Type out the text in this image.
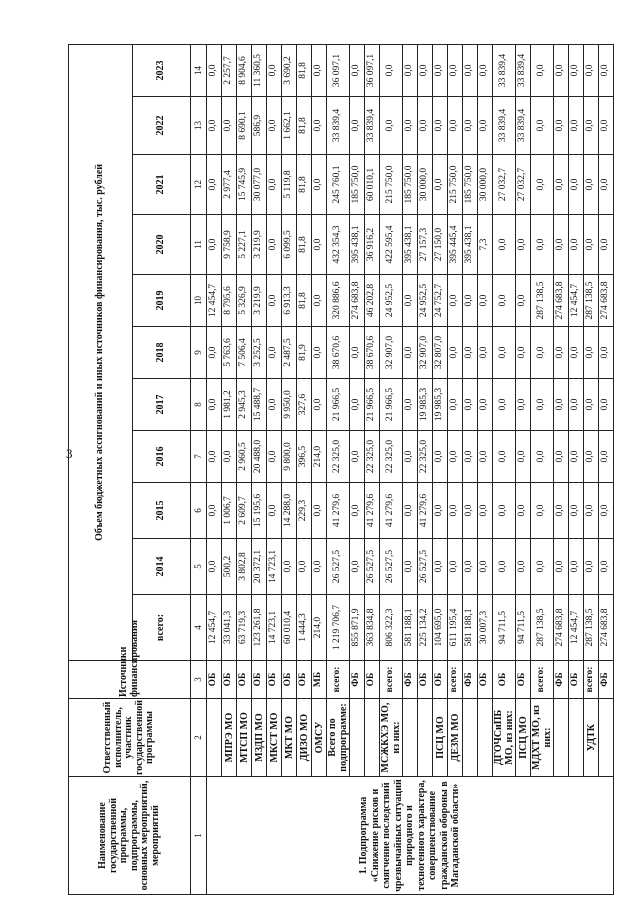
3
Наименование государственной программы, подпрограммы, основных мероприятий, мероприятий	Ответственный исполнитель, участник государственной программы	Источники финансирования	Объем бюджетных ассигнований и иных источников финансирования, тыс. рублей										
			всего:	2014	2015	2016	2017	2018	2019	2020	2021	2022	2023
1	2	3	4	5	6	7	8	9	10	11	12	13	14
1. Подпрограмма «Снижение рисков и смягчение последствий чрезвычайных ситуаций природного и техногенного характера, совершенствование гражданской обороны в Магаданской области»		ОБ	12 454,7	0,0	0,0	0,0	0,0	0,0	12 454,7	0,0	0,0	0,0	0,0
	МПРЭ МО	ОБ	33 041,3	500,2	1 006,7	0,0	1 981,2	5 763,6	8 795,6	9 758,9	2 977,4	0,0	2 257,7
	МТСП МО	ОБ	63 719,3	3 802,8	2 609,7	2 960,5	2 945,3	7 506,4	5 326,9	5 227,1	15 745,9	8 690,1	8 904,6
	МЗДП МО	ОБ	123 261,8	20 372,1	15 195,6	20 488,0	15 488,7	3 252,5	3 219,9	3 219,9	30 077,0	586,9	11 360,5
	МКСТ МО	ОБ	14 723,1	14 723,1	0,0	0,0	0,0	0,0	0,0	0,0	0,0	0,0	0,0
	МКТ МО	ОБ	60 010,4	0,0	14 288,0	9 800,0	9 950,0	2 487,5	6 913,3	6 099,5	5 119,8	1 662,1	3 690,2
	ДИЗО МО	ОБ	1 444,3	0,0	229,3	396,5	327,6	81,9	81,8	81,8	81,8	81,8	81,8
	ОМСУ	МБ	214,0	0,0	0,0	214,0	0,0	0,0	0,0	0,0	0,0	0,0	0,0
	Всего по подпрограмме:	всего:	1 219 706,7	26 527,5	41 279,6	22 325,0	21 966,5	38 670,6	320 886,6	432 354,3	245 760,1	33 839,4	36 097,1
		ФБ	855 871,9	0,0	0,0	0,0	0,0	0,0	274 683,8	395 438,1	185 750,0	0,0	0,0
		ОБ	363 834,8	26 527,5	41 279,6	22 325,0	21 966,5	38 670,6	46 202,8	36 916,2	60 010,1	33 839,4	36 097,1
	МСЖКХЭ МО, из них:	всего:	806 322,3	26 527,5	41 279,6	22 325,0	21 966,5	32 907,0	24 952,5	422 595,4	215 750,0	0,0	0,0
		ФБ	581 188,1	0,0	0,0	0,0	0,0	0,0	0,0	395 438,1	185 750,0	0,0	0,0
		ОБ	225 134,2	26 527,5	41 279,6	22 325,0	19 985,3	32 907,0	24 952,5	27 157,3	30 000,0	0,0	0,0
	ПСЦ МО	ОБ	104 695,0	0,0	0,0	0,0	19 985,3	32 807,0	24 752,7	27 150,0	0,0	0,0	0,0
	ДЕЗМ МО	всего:	611 195,4	0,0	0,0	0,0	0,0	0,0	0,0	395 445,4	215 750,0	0,0	0,0
		ФБ	581 188,1	0,0	0,0	0,0	0,0	0,0	0,0	395 438,1	185 750,0	0,0	0,0
		ОБ	30 007,3	0,0	0,0	0,0	0,0	0,0	0,0	7,3	30 000,0	0,0	0,0
	ДГОЧСиПБ МО, из них:	ОБ	94 711,5	0,0	0,0	0,0	0,0	0,0	0,0	0,0	27 032,7	33 839,4	33 839,4
	ПСЦ МО	ОБ	94 711,5	0,0	0,0	0,0	0,0	0,0	0,0	0,0	27 032,7	33 839,4	33 839,4
	МДХТ МО, из них:	всего:	287 138,5	0,0	0,0	0,0	0,0	0,0	287 138,5	0,0	0,0	0,0	0,0
		ФБ	274 683,8	0,0	0,0	0,0	0,0	0,0	274 683,8	0,0	0,0	0,0	0,0
		ОБ	12 454,7	0,0	0,0	0,0	0,0	0,0	12 454,7	0,0	0,0	0,0	0,0
	УДТК	всего:	287 138,5	0,0	0,0	0,0	0,0	0,0	287 138,5	0,0	0,0	0,0	0,0
		ФБ	274 683,8	0,0	0,0	0,0	0,0	0,0	274 683,8	0,0	0,0	0,0	0,0
